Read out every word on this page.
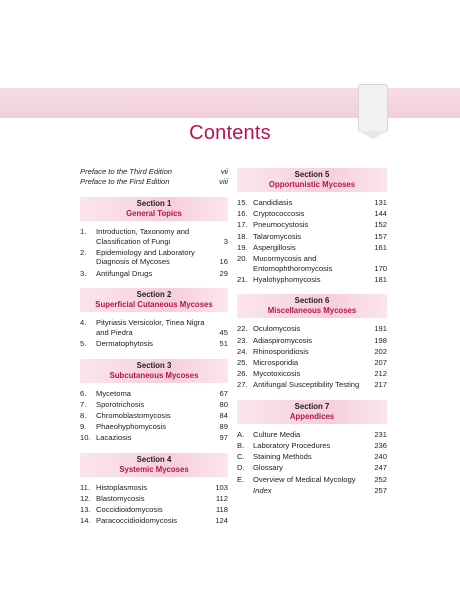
Contents
Preface to the Third Edition	vii
Preface to the First Edition	viii
Section 1
General Topics
1.	Introduction, Taxonomy and Classification of Fungi	3
2.	Epidemiology and Laboratory Diagnosis of Mycoses	16
3.	Antifungal Drugs	29
Section 2
Superficial Cutaneous Mycoses
4.	Pityriasis Versicolor, Tinea Nigra and Piedra	45
5.	Dermatophytosis	51
Section 3
Subcutaneous Mycoses
6.	Mycetoma	67
7.	Sporotrichosis	80
8.	Chromoblastomycosis	84
9.	Phaeohyphomycosis	89
10. Lacaziosis	97
Section 4
Systemic Mycoses
11. Histoplasmosis	103
12. Blastomycosis	112
13. Coccidioidomycosis	118
14. Paracoccidioidomycosis	124
Section 5
Opportunistic Mycoses
15. Candidiasis	131
16. Cryptococcosis	144
17. Pneumocystosis	152
18. Talaromycosis	157
19. Aspergillosis	161
20. Mucormycosis and Entomophthoromycosis	170
21. Hyalohyphomycosis	181
Section 6
Miscellaneous Mycoses
22. Oculomycosis	191
23. Adiaspiromycosis	198
24. Rhinosporidiosis	202
25. Microsporidia	207
26. Mycotoxicosis	212
27. Antifungal Susceptibility Testing	217
Section 7
Appendices
A.	Culture Media	231
B.	Laboratory Procedures	236
C.	Staining Methods	240
D.	Glossary	247
E.	Overview of Medical Mycology	252
Index	257
